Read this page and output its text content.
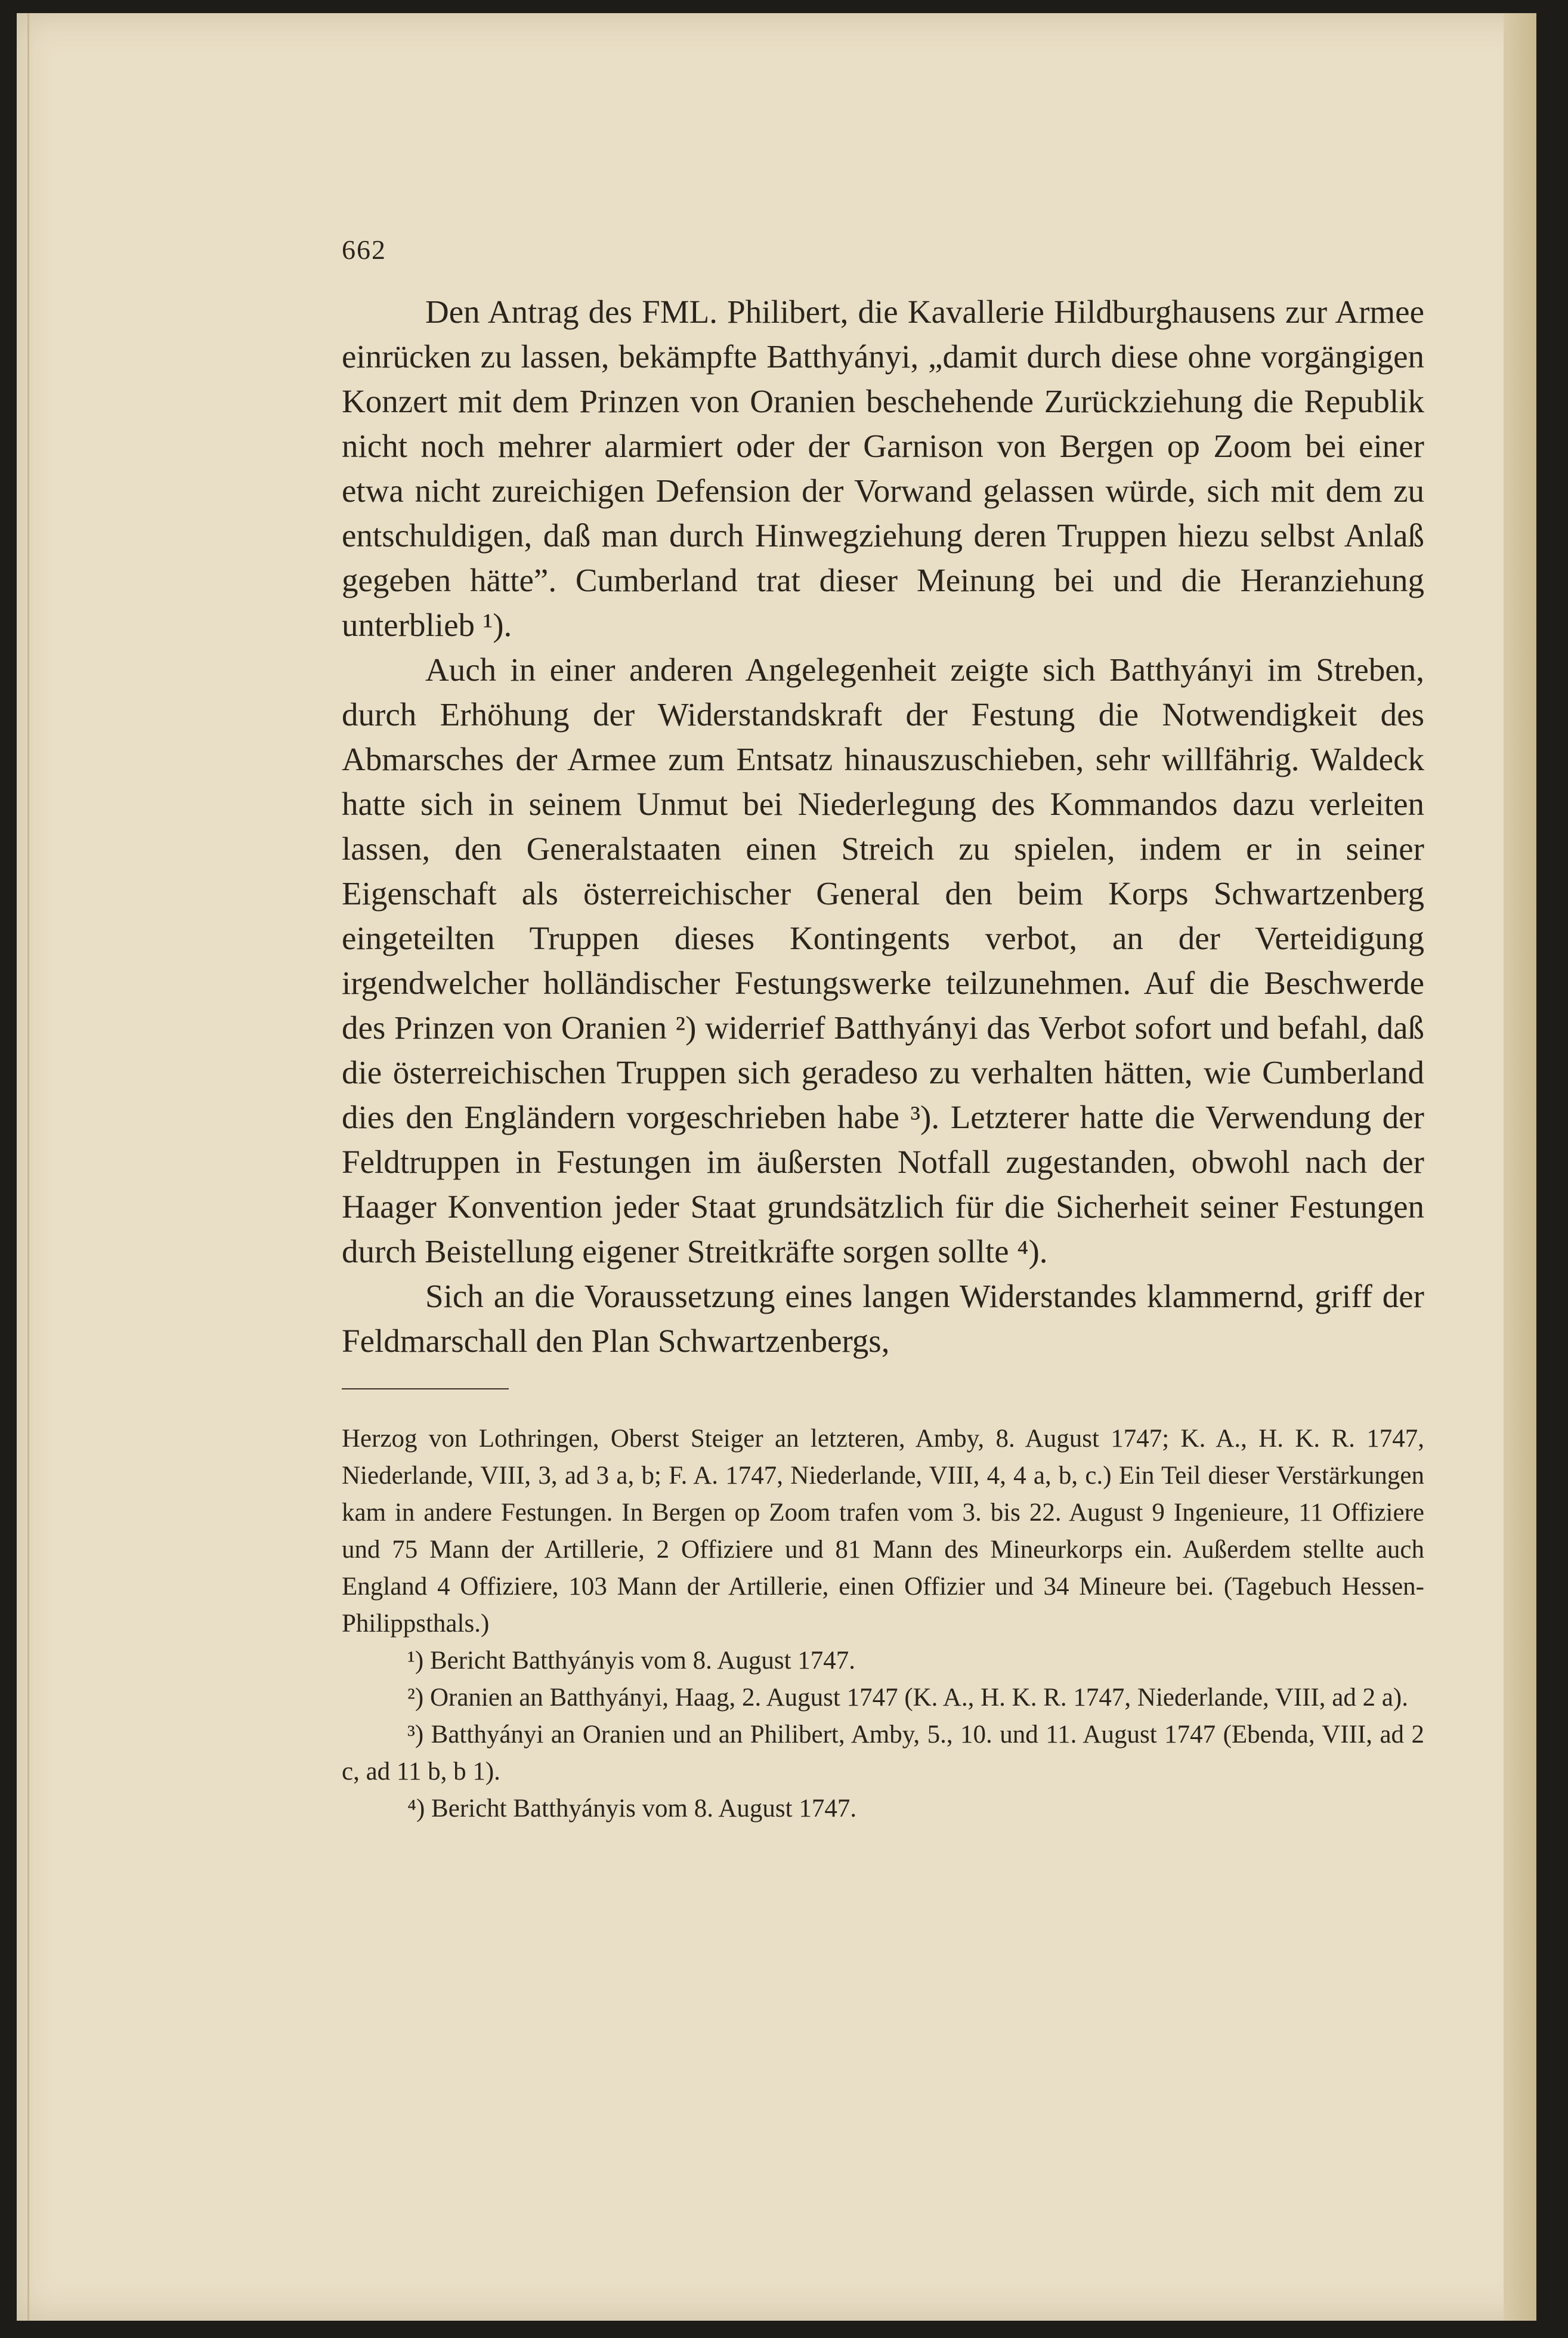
662

Den Antrag des FML. Philibert, die Kavallerie Hildburghausens zur Armee einrücken zu lassen, bekämpfte Batthyányi, „damit durch diese ohne vorgängigen Konzert mit dem Prinzen von Oranien beschehende Zurückziehung die Republik nicht noch mehrer alarmiert oder der Garnison von Bergen op Zoom bei einer etwa nicht zureichigen Defension der Vorwand gelassen würde, sich mit dem zu entschuldigen, daß man durch Hinwegziehung deren Truppen hiezu selbst Anlaß gegeben hätte”. Cumberland trat dieser Meinung bei und die Heranziehung unterblieb ¹).

Auch in einer anderen Angelegenheit zeigte sich Batthyányi im Streben, durch Erhöhung der Widerstandskraft der Festung die Notwendigkeit des Abmarsches der Armee zum Entsatz hinauszuschieben, sehr willfährig. Waldeck hatte sich in seinem Unmut bei Niederlegung des Kommandos dazu verleiten lassen, den Generalstaaten einen Streich zu spielen, indem er in seiner Eigenschaft als österreichischer General den beim Korps Schwartzenberg eingeteilten Truppen dieses Kontingents verbot, an der Verteidigung irgendwelcher holländischer Festungswerke teilzunehmen. Auf die Beschwerde des Prinzen von Oranien ²) widerrief Batthyányi das Verbot sofort und befahl, daß die österreichischen Truppen sich geradeso zu verhalten hätten, wie Cumberland dies den Engländern vorgeschrieben habe ³). Letzterer hatte die Verwendung der Feldtruppen in Festungen im äußersten Notfall zugestanden, obwohl nach der Haager Konvention jeder Staat grundsätzlich für die Sicherheit seiner Festungen durch Beistellung eigener Streitkräfte sorgen sollte ⁴).

Sich an die Voraussetzung eines langen Widerstandes klammernd, griff der Feldmarschall den Plan Schwartzenbergs,

Herzog von Lothringen, Oberst Steiger an letzteren, Amby, 8. August 1747; K. A., H. K. R. 1747, Niederlande, VIII, 3, ad 3 a, b; F. A. 1747, Niederlande, VIII, 4, 4 a, b, c.) Ein Teil dieser Verstärkungen kam in andere Festungen. In Bergen op Zoom trafen vom 3. bis 22. August 9 Ingenieure, 11 Offiziere und 75 Mann der Artillerie, 2 Offiziere und 81 Mann des Mineurkorps ein. Außerdem stellte auch England 4 Offiziere, 103 Mann der Artillerie, einen Offizier und 34 Mineure bei. (Tagebuch Hessen-Philippsthals.)

¹) Bericht Batthyányis vom 8. August 1747.

²) Oranien an Batthyányi, Haag, 2. August 1747 (K. A., H. K. R. 1747, Niederlande, VIII, ad 2 a).

³) Batthyányi an Oranien und an Philibert, Amby, 5., 10. und 11. August 1747 (Ebenda, VIII, ad 2 c, ad 11 b, b 1).

⁴) Bericht Batthyányis vom 8. August 1747.
